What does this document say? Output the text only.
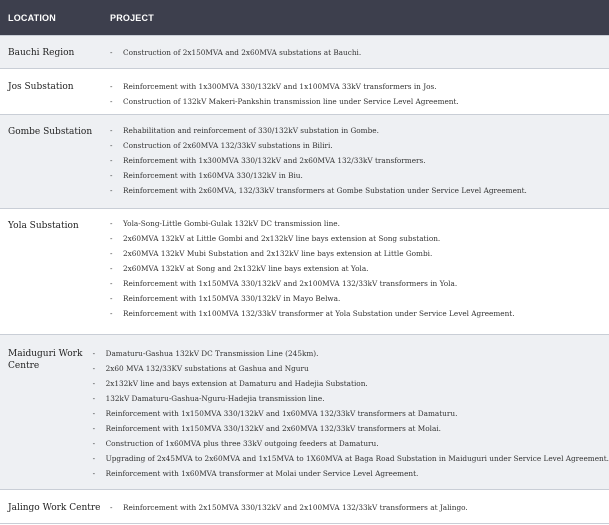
LOCATION	PROJECT
Bauchi Region	-	Construction of 2x150MVA and 2x60MVA substations at Bauchi.
Jos Substation	-	Reinforcement with 1x300MVA 330/132kV and 1x100MVA 33kV transformers in Jos.
-	Construction of 132kV Makeri-Pankshin transmission line under Service Level Agreement.
Gombe Substation	-	Rehabilitation and reinforcement of 330/132kV substation in Gombe.
-	Construction of 2x60MVA 132/33kV substations in Biliri.
-	Reinforcement with 1x300MVA 330/132kV and 2x60MVA 132/33kV transformers.
-	Reinforcement with 1x60MVA 330/132kV in Biu.
-	Reinforcement with 2x60MVA, 132/33kV transformers at Gombe Substation under Service Level Agreement.
Yola Substation	-	Yola-Song-Little Gombi-Gulak 132kV DC transmission line.
-	2x60MVA 132kV at Little Gombi and 2x132kV line bays extension at Song substation.
-	2x60MVA 132kV Mubi Substation and 2x132kV line bays extension at Little Gombi.
-	2x60MVA 132kV at Song and 2x132kV line bays extension at Yola.
-	Reinforcement with 1x150MVA 330/132kV and 2x100MVA 132/33kV transformers in Yola.
-	Reinforcement with 1x150MVA 330/132kV in Mayo Belwa.
-	Reinforcement with 1x100MVA 132/33kV transformer at Yola Substation under Service Level Agreement.
Maiduguri Work Centre
-	Damaturu-Gashua 132kV DC Transmission Line (245km).
-	2x60 MVA 132/33KV substations at Gashua and Nguru
-	2x132kV line and bays extension at Damaturu and Hadejia Substation.
-	132kV Damaturu-Gashua-Nguru-Hadejia transmission line.
-	Reinforcement with 1x150MVA 330/132kV and 1x60MVA 132/33kV transformers at Damaturu.
-	Reinforcement with 1x150MVA 330/132kV and 2x60MVA 132/33kV transformers at Molai.
-	Construction of 1x60MVA plus three 33kV outgoing feeders at Damaturu.
-	Upgrading of 2x45MVA to 2x60MVA and 1x15MVA to 1X60MVA at Baga Road Substation in Maiduguri under Service Level Agreement.
-	Reinforcement with 1x60MVA transformer at Molai under Service Level Agreement.
Jalingo Work Centre	-	Reinforcement with 2x150MVA 330/132kV and 2x100MVA 132/33kV transformers at Jalingo.
